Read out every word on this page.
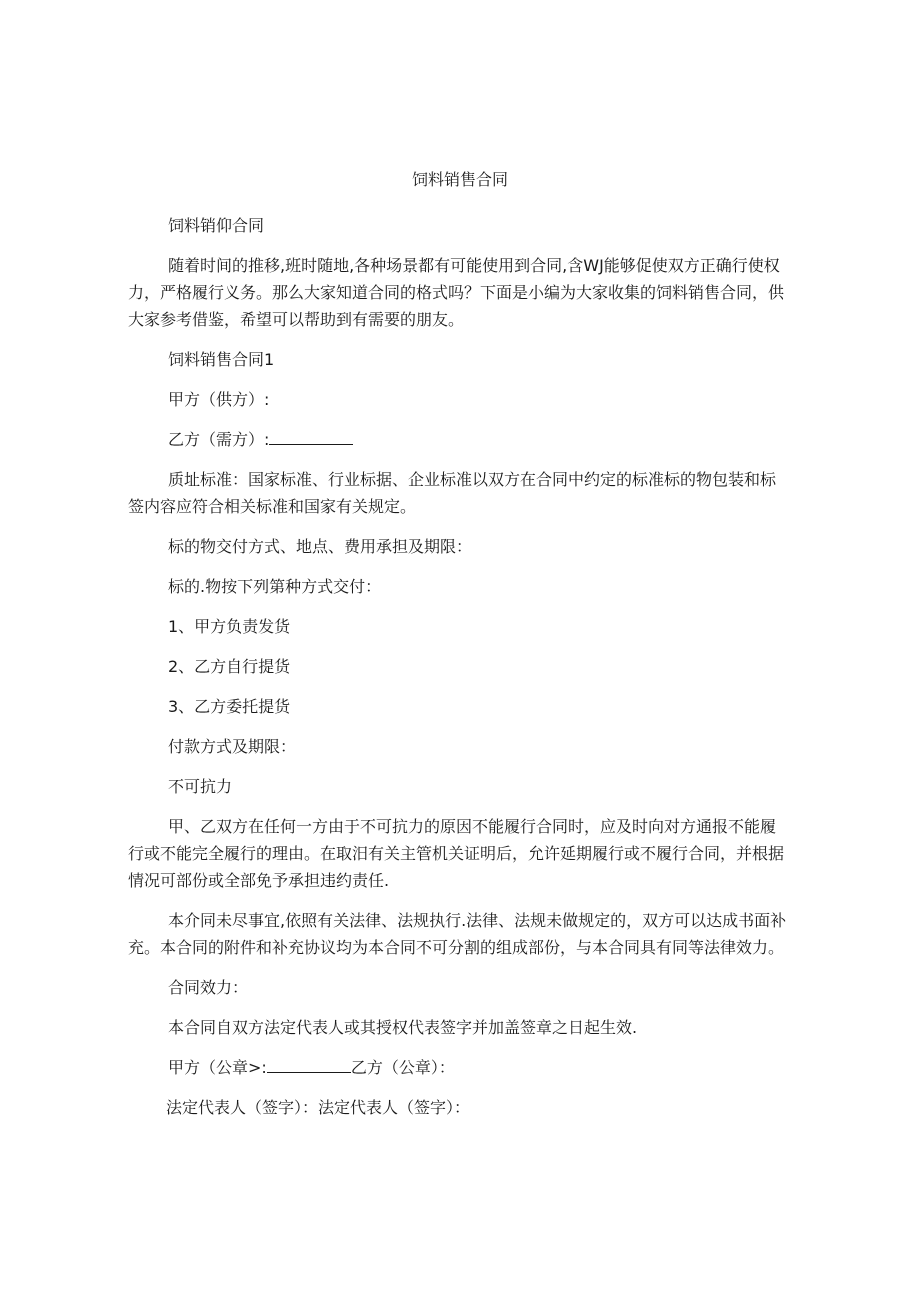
饲料销售合同

饲料销仰合同

随着时间的推移,班时随地,各种场景都有可能使用到合同,含WJ能够促使双方正确行使权力，严格履行义务。那么大家知道合同的格式吗？下面是小编为大家收集的饲料销售合同，供大家参考借鉴，希望可以帮助到有需要的朋友。

饲料销售合同1

甲方（供方）:

乙方（需方）:

质址标准：国家标准、行业标据、企业标准以双方在合同中约定的标准标的物包装和标签内容应符合相关标准和国家有关规定。

标的物交付方式、地点、费用承担及期限：

标的.物按下列第种方式交付：

1、甲方负责发货

2、乙方自行提货

3、乙方委托提货

付款方式及期限：

不可抗力

甲、乙双方在任何一方由于不可抗力的原因不能履行合同时，应及时向对方通报不能履行或不能完全履行的理由。在取汨有关主管机关证明后，允许延期履行或不履行合同，并根据情况可部份或全部免予承担违约责任.

本介同未尽事宜,依照有关法律、法规执行.法律、法规未做规定的，双方可以达成书面补充。本合同的附件和补充协议均为本合同不可分割的组成部份，与本合同具有同等法律效力。

合同效力：

本合同自双方法定代表人或其授权代表签字并加盖签章之日起生效.

甲方（公章>:	乙方（公章）：

法定代表人（签字）：法定代表人（签字）：
